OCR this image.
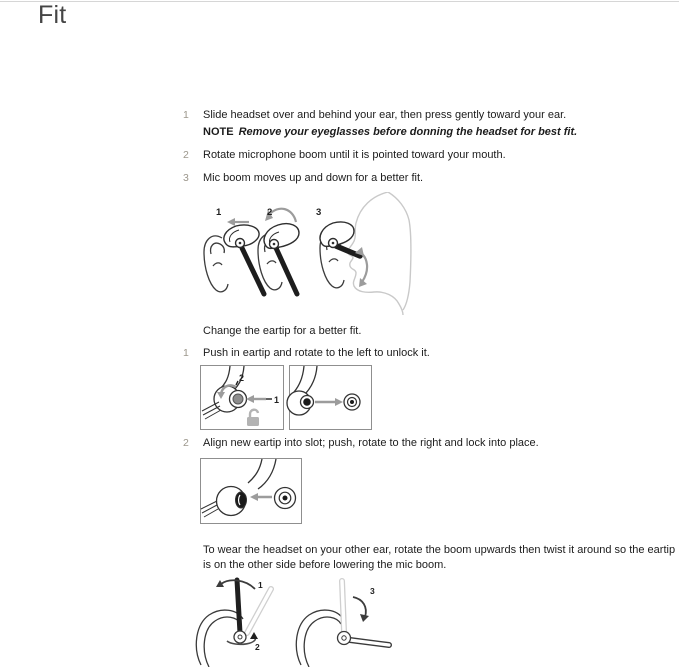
Fit
1	Slide headset over and behind your ear, then press gently toward your ear.
NOTE Remove your eyeglasses before donning the headset for best fit.
2	Rotate microphone boom until it is pointed toward your mouth.
3	Mic boom moves up and down for a better fit.
1	2	3
Change the eartip for a better fit.
1	Push in eartip and rotate to the left to unlock it.
1
2
2	Align new eartip into slot; push, rotate to the right and lock into place.
To wear the headset on your other ear, rotate the boom upwards then twist it around so the eartip is on the other side before lowering the mic boom.
1
2
3
